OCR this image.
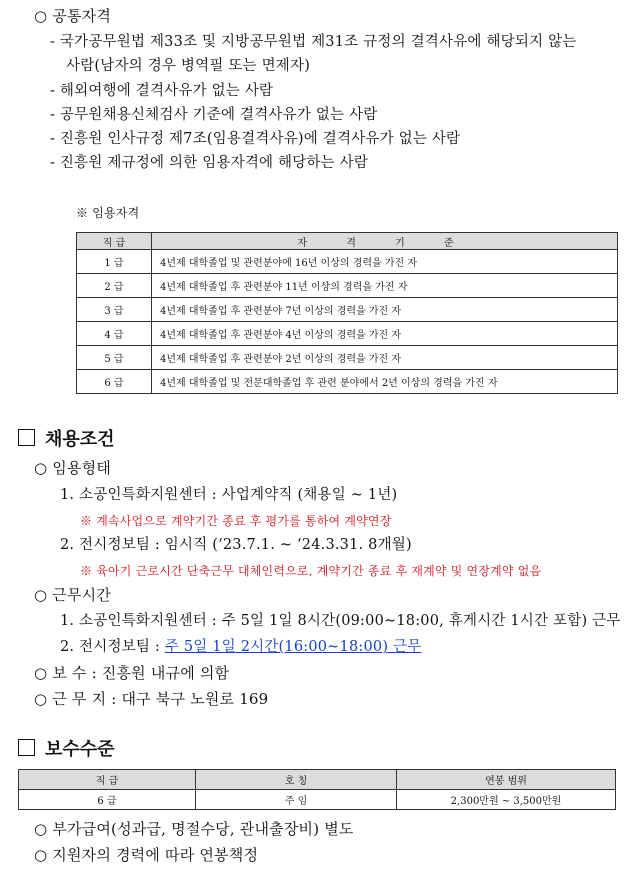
○ 공통자격
- 국가공무원법 제33조 및 지방공무원법 제31조 규정의 결격사유에 해당되지 않는
사람(남자의 경우 병역필 또는 면제자)
- 해외여행에 결격사유가 없는 사람
- 공무원채용신체검사 기준에 결격사유가 없는 사람
- 진흥원 인사규정 제7조(임용결격사유)에 결격사유가 없는 사람
- 진흥원 제규정에 의한 임용자격에 해당하는 사람
※ 임용자격
직 급	자 격 기 준
1 급	4년제 대학졸업 및 관련분야에 16년 이상의 경력을 가진 자
2 급	4년제 대학졸업 후 관련분야 11년 이상의 경력을 가진 자
3 급	4년제 대학졸업 후 관련분야 7년 이상의 경력을 가진 자
4 급	4년제 대학졸업 후 관련분야 4년 이상의 경력을 가진 자
5 급	4년제 대학졸업 후 관련분야 2년 이상의 경력을 가진 자
6 급	4년제 대학졸업 및 전문대학졸업 후 관련 분야에서 2년 이상의 경력을 가진 자
채용조건
○ 임용형태
1. 소공인특화지원센터 : 사업계약직 (채용일 ~ 1년)
※ 계속사업으로 계약기간 종료 후 평가를 통하여 계약연장
2. 전시정보팀 : 임시직 (‘23.7.1. ~ ‘24.3.31. 8개월)
※ 육아기 근로시간 단축근무 대체인력으로, 계약기간 종료 후 재계약 및 연장계약 없음
○ 근무시간
1. 소공인특화지원센터 : 주 5일 1일 8시간(09:00~18:00, 휴게시간 1시간 포함) 근무
2. 전시정보팀 : 주 5일 1일 2시간(16:00~18:00) 근무
○ 보 수 : 진흥원 내규에 의함
○ 근 무 지 : 대구 북구 노원로 169
보수수준
직 급	호 칭	연봉 범위
6 급	주 임	2,300만원 ~ 3,500만원
○ 부가급여(성과급, 명절수당, 관내출장비) 별도
○ 지원자의 경력에 따라 연봉책정
